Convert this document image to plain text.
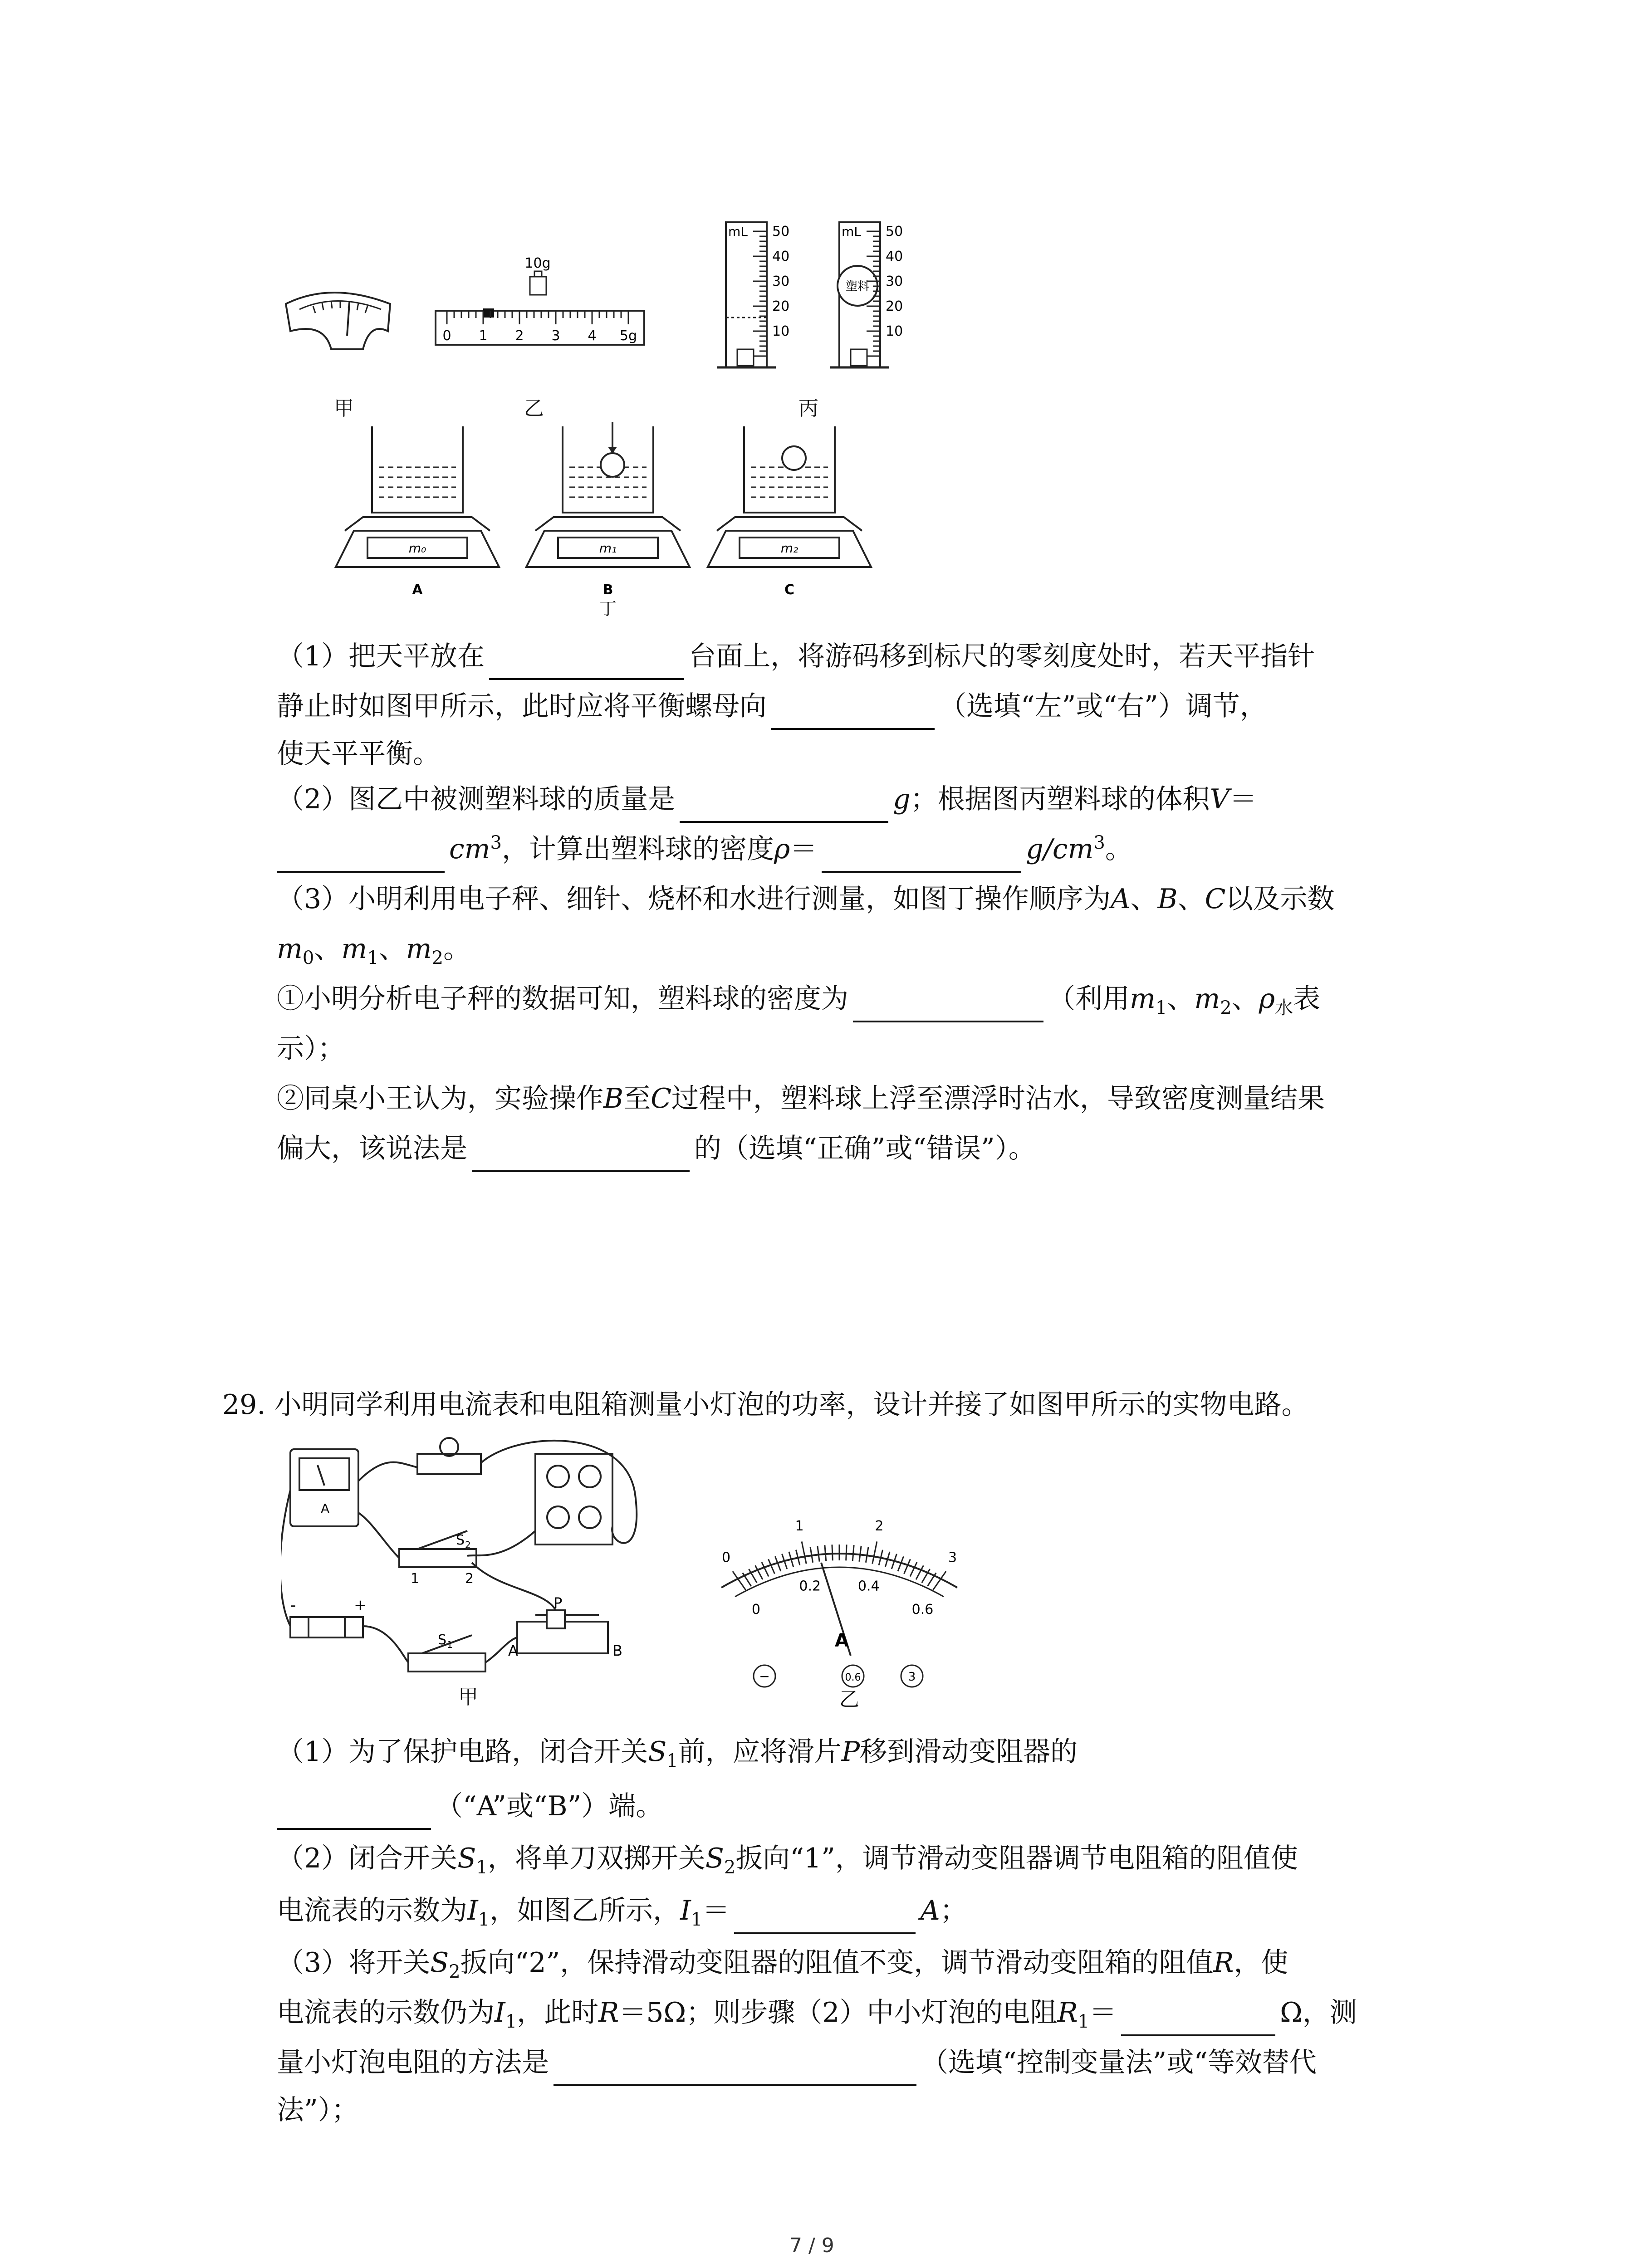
10g
0 1 2 3 4 5g
mL 50
40
30
20
10
塑料
mL 50
40
30
20
10
甲	乙	丙
m₀
A
m₁
B
m₂
C
丁
（1）把天平放在	台面上，将游码移到标尺的零刻度处时，若天平指针
静止时如图甲所示，此时应将平衡螺母向	（选填“左”或“右”）调节，
使天平平衡。
（2）图乙中被测塑料球的质量是	g；根据图丙塑料球的体积V＝
$cm^3$，计算出塑料球的密度ρ＝	$g/cm^3$。
（3）小明利用电子秤、细针、烧杯和水进行测量，如图丁操作顺序为A、B、C以及示数
$m_0$、$m_1$、$m_2$。
①小明分析电子秤的数据可知，塑料球的密度为	（利用$m_1$、$m_2$、$\rho_水$表
示）；
②同桌小王认为，实验操作B至C过程中，塑料球上浮至漂浮时沾水，导致密度测量结果
偏大，该说法是	的（选填“正确”或“错误”）。
29. 小明同学利用电流表和电阻箱测量小灯泡的功率，设计并接了如图甲所示的实物电路。
S 2
1	2
S 1
P
A	B
-	+
A
甲
0
1	2
3
0
0.2	0.4
0.6
A
−	0.6	3
乙
（1）为了保护电路，闭合开关$S_1$前，应将滑片P移到滑动变阻器的
（“A”或“B”）端。
（2）闭合开关$S_1$，将单刀双掷开关$S_2$扳向“1”，调节滑动变阻器调节电阻箱的阻值使
电流表的示数为$I_1$，如图乙所示，$I_1=$	A；
（3）将开关$S_2$扳向“2”，保持滑动变阻器的阻值不变，调节滑动变阻箱的阻值R，使
电流表的示数仍为$I_1$，此时R＝5Ω；则步骤（2）中小灯泡的电阻$R_1=$	Ω，测
量小灯泡电阻的方法是	（选填“控制变量法”或“等效替代
法”）；
7 / 9
